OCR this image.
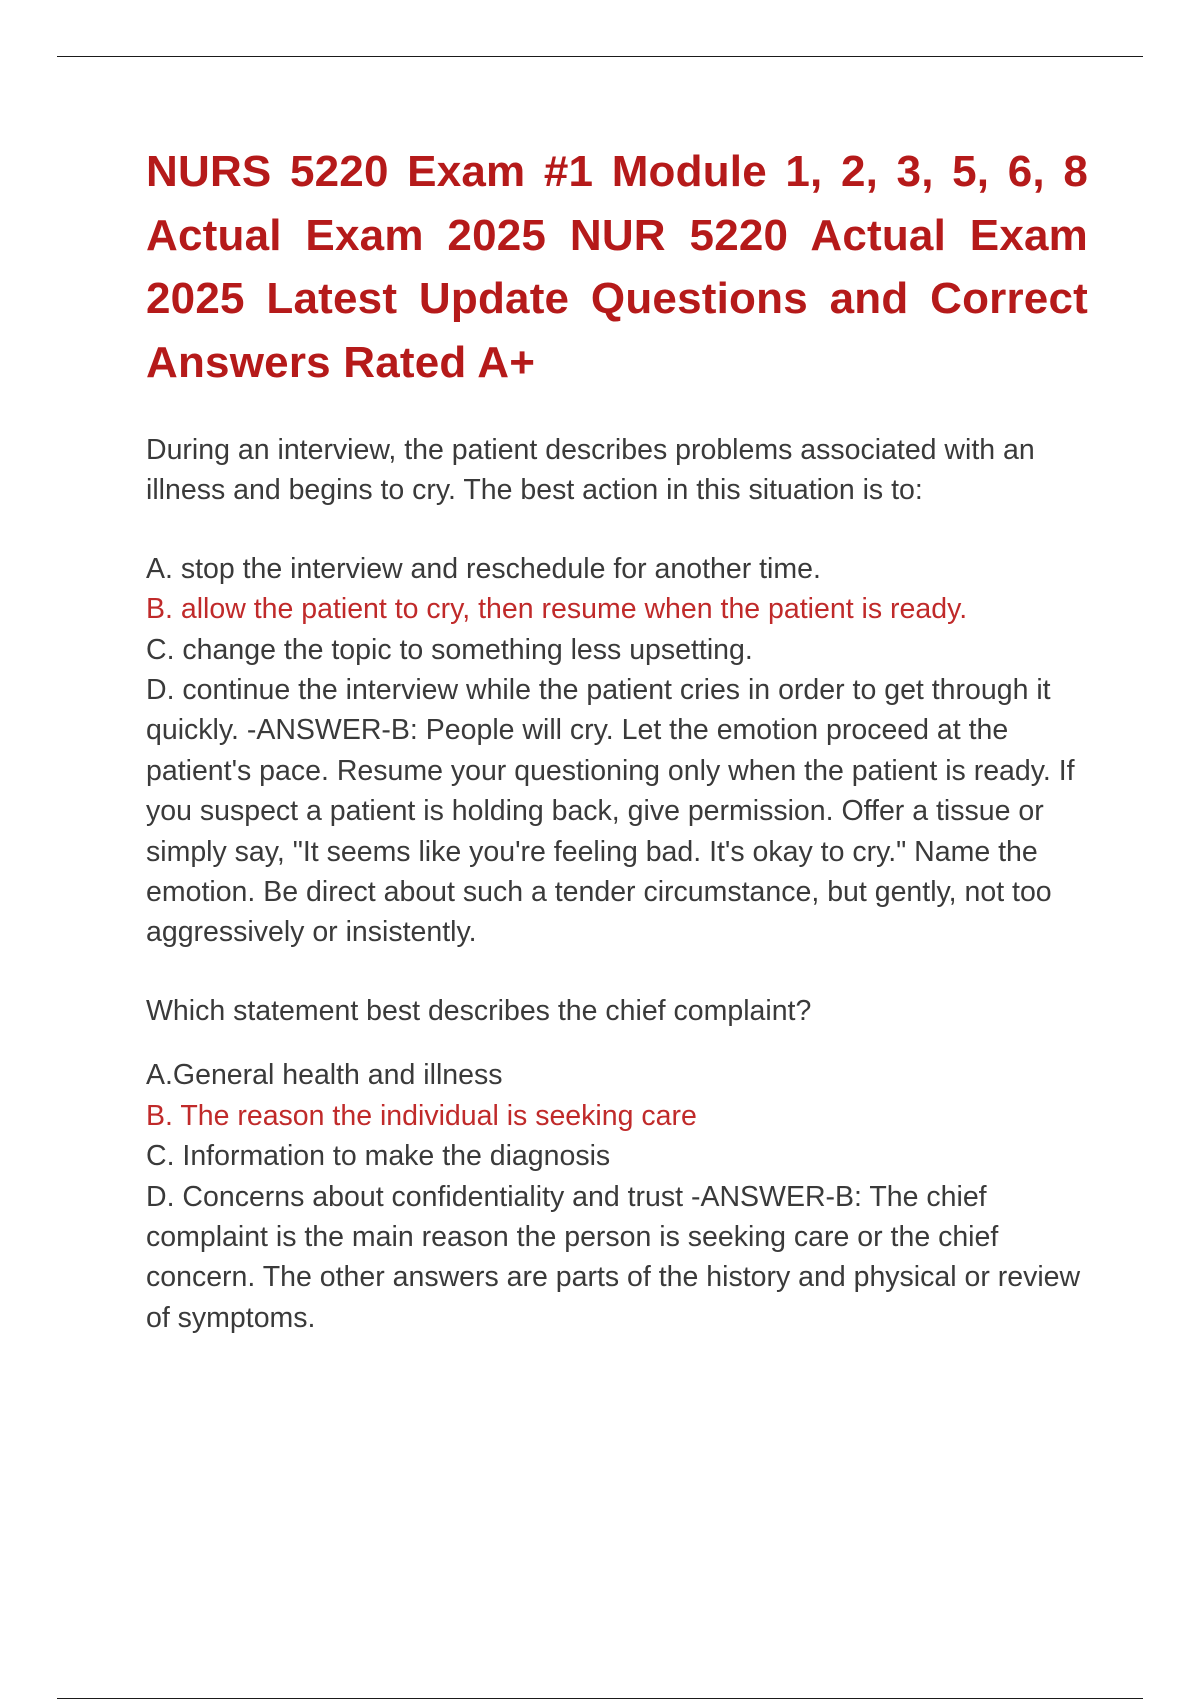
NURS 5220 Exam #1 Module 1, 2, 3, 5, 6, 8 Actual Exam 2025 NUR 5220 Actual Exam 2025 Latest Update Questions and Correct Answers Rated A+

During an interview, the patient describes problems associated with an illness and begins to cry. The best action in this situation is to:

A. stop the interview and reschedule for another time.

B. allow the patient to cry, then resume when the patient is ready.

C. change the topic to something less upsetting.

D. continue the interview while the patient cries in order to get through it quickly. -ANSWER-B: People will cry. Let the emotion proceed at the patient's pace. Resume your questioning only when the patient is ready. If you suspect a patient is holding back, give permission. Offer a tissue or simply say, "It seems like you're feeling bad. It's okay to cry." Name the emotion. Be direct about such a tender circumstance, but gently, not too aggressively or insistently.

Which statement best describes the chief complaint?

A.General health and illness

B. The reason the individual is seeking care

C. Information to make the diagnosis

D. Concerns about confidentiality and trust -ANSWER-B: The chief complaint is the main reason the person is seeking care or the chief concern. The other answers are parts of the history and physical or review of symptoms.
